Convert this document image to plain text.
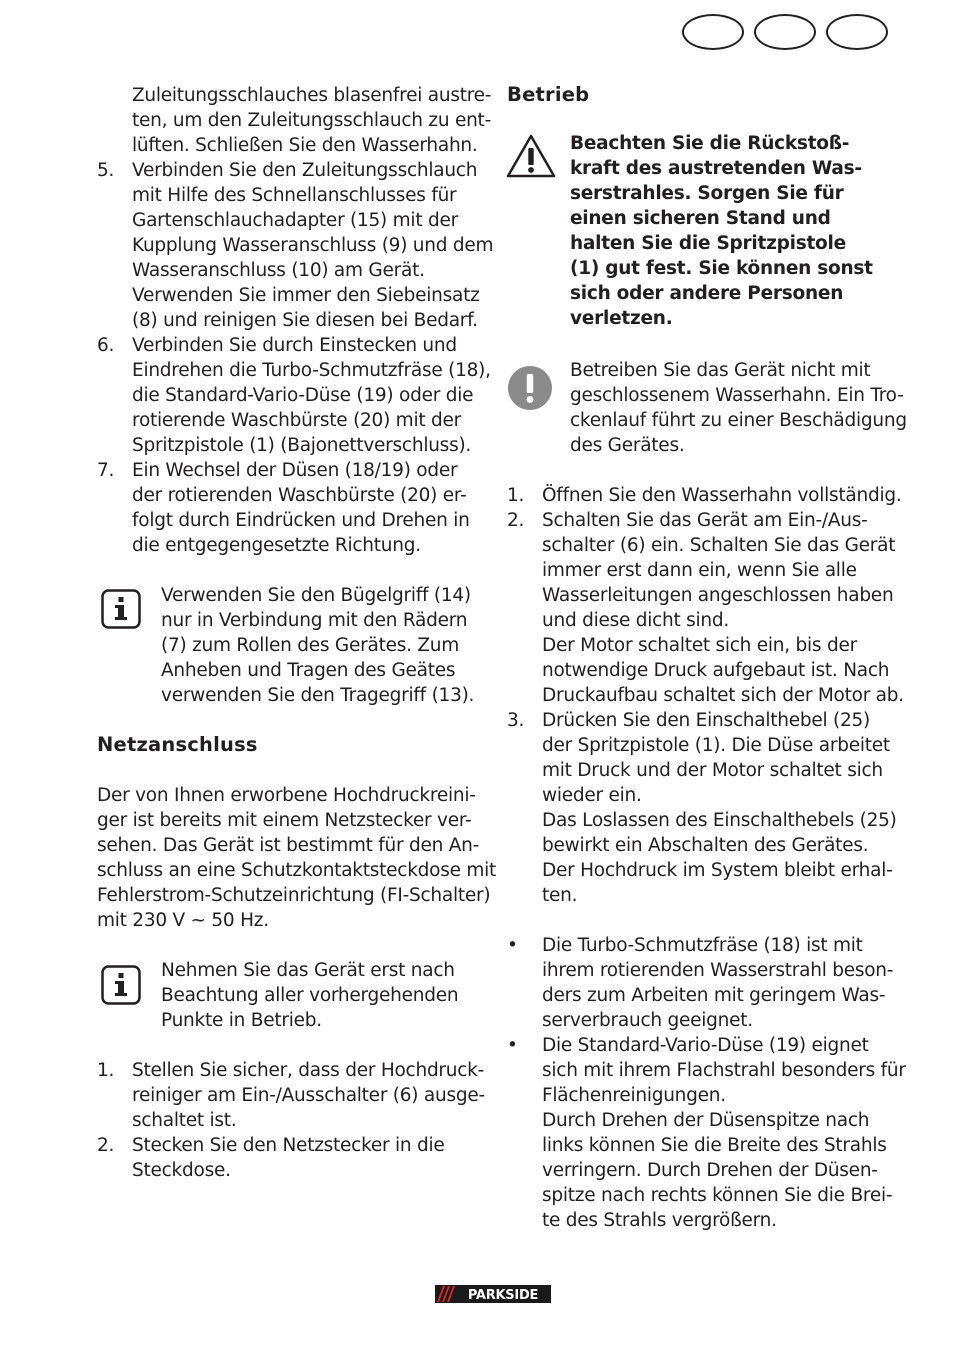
Zuleitungsschlauches blasenfrei austre-
ten, um den Zuleitungsschlauch zu ent-
lüften. Schließen Sie den Wasserhahn.
5. Verbinden Sie den Zuleitungsschlauch
mit Hilfe des Schnellanschlusses für
Gartenschlauchadapter (15) mit der
Kupplung Wasseranschluss (9) und dem
Wasseranschluss (10) am Gerät.
Verwenden Sie immer den Siebeinsatz
(8) und reinigen Sie diesen bei Bedarf.
6. Verbinden Sie durch Einstecken und
Eindrehen die Turbo-Schmutzfräse (18),
die Standard-Vario-Düse (19) oder die
rotierende Waschbürste (20) mit der
Spritzpistole (1) (Bajonettverschluss).
7. Ein Wechsel der Düsen (18/19) oder
der rotierenden Waschbürste (20) er-
folgt durch Eindrücken und Drehen in
die entgegengesetzte Richtung.
Verwenden Sie den Bügelgriff (14)
nur in Verbindung mit den Rädern
(7) zum Rollen des Gerätes. Zum
Anheben und Tragen des Geätes
verwenden Sie den Tragegriff (13).
Netzanschluss
Der von Ihnen erworbene Hochdruckreini-
ger ist bereits mit einem Netzstecker ver-
sehen. Das Gerät ist bestimmt für den An-
schluss an eine Schutzkontaktsteckdose mit
Fehlerstrom-Schutzeinrichtung (FI-Schalter)
mit 230 V ~ 50 Hz.
Nehmen Sie das Gerät erst nach
Beachtung aller vorhergehenden
Punkte in Betrieb.
1. Stellen Sie sicher, dass der Hochdruck-
reiniger am Ein-/Ausschalter (6) ausge-
schaltet ist.
2. Stecken Sie den Netzstecker in die
Steckdose.
Betrieb
Beachten Sie die Rückstoß-
kraft des austretenden Was-
serstrahles. Sorgen Sie für
einen sicheren Stand und
halten Sie die Spritzpistole
(1) gut fest. Sie können sonst
sich oder andere Personen
verletzen.
Betreiben Sie das Gerät nicht mit
geschlossenem Wasserhahn. Ein Tro-
ckenlauf führt zu einer Beschädigung
des Gerätes.
1. Öffnen Sie den Wasserhahn vollständig.
2. Schalten Sie das Gerät am Ein-/Aus-
schalter (6) ein. Schalten Sie das Gerät
immer erst dann ein, wenn Sie alle
Wasserleitungen angeschlossen haben
und diese dicht sind.
Der Motor schaltet sich ein, bis der
notwendige Druck aufgebaut ist. Nach
Druckaufbau schaltet sich der Motor ab.
3. Drücken Sie den Einschalthebel (25)
der Spritzpistole (1). Die Düse arbeitet
mit Druck und der Motor schaltet sich
wieder ein.
Das Loslassen des Einschalthebels (25)
bewirkt ein Abschalten des Gerätes.
Der Hochdruck im System bleibt erhal-
ten.
• Die Turbo-Schmutzfräse (18) ist mit
ihrem rotierenden Wasserstrahl beson-
ders zum Arbeiten mit geringem Was-
serverbrauch geeignet.
• Die Standard-Vario-Düse (19) eignet
sich mit ihrem Flachstrahl besonders für
Flächenreinigungen.
Durch Drehen der Düsenspitze nach
links können Sie die Breite des Strahls
verringern. Durch Drehen der Düsen-
spitze nach rechts können Sie die Brei-
te des Strahls vergrößern.
PARKSIDE
